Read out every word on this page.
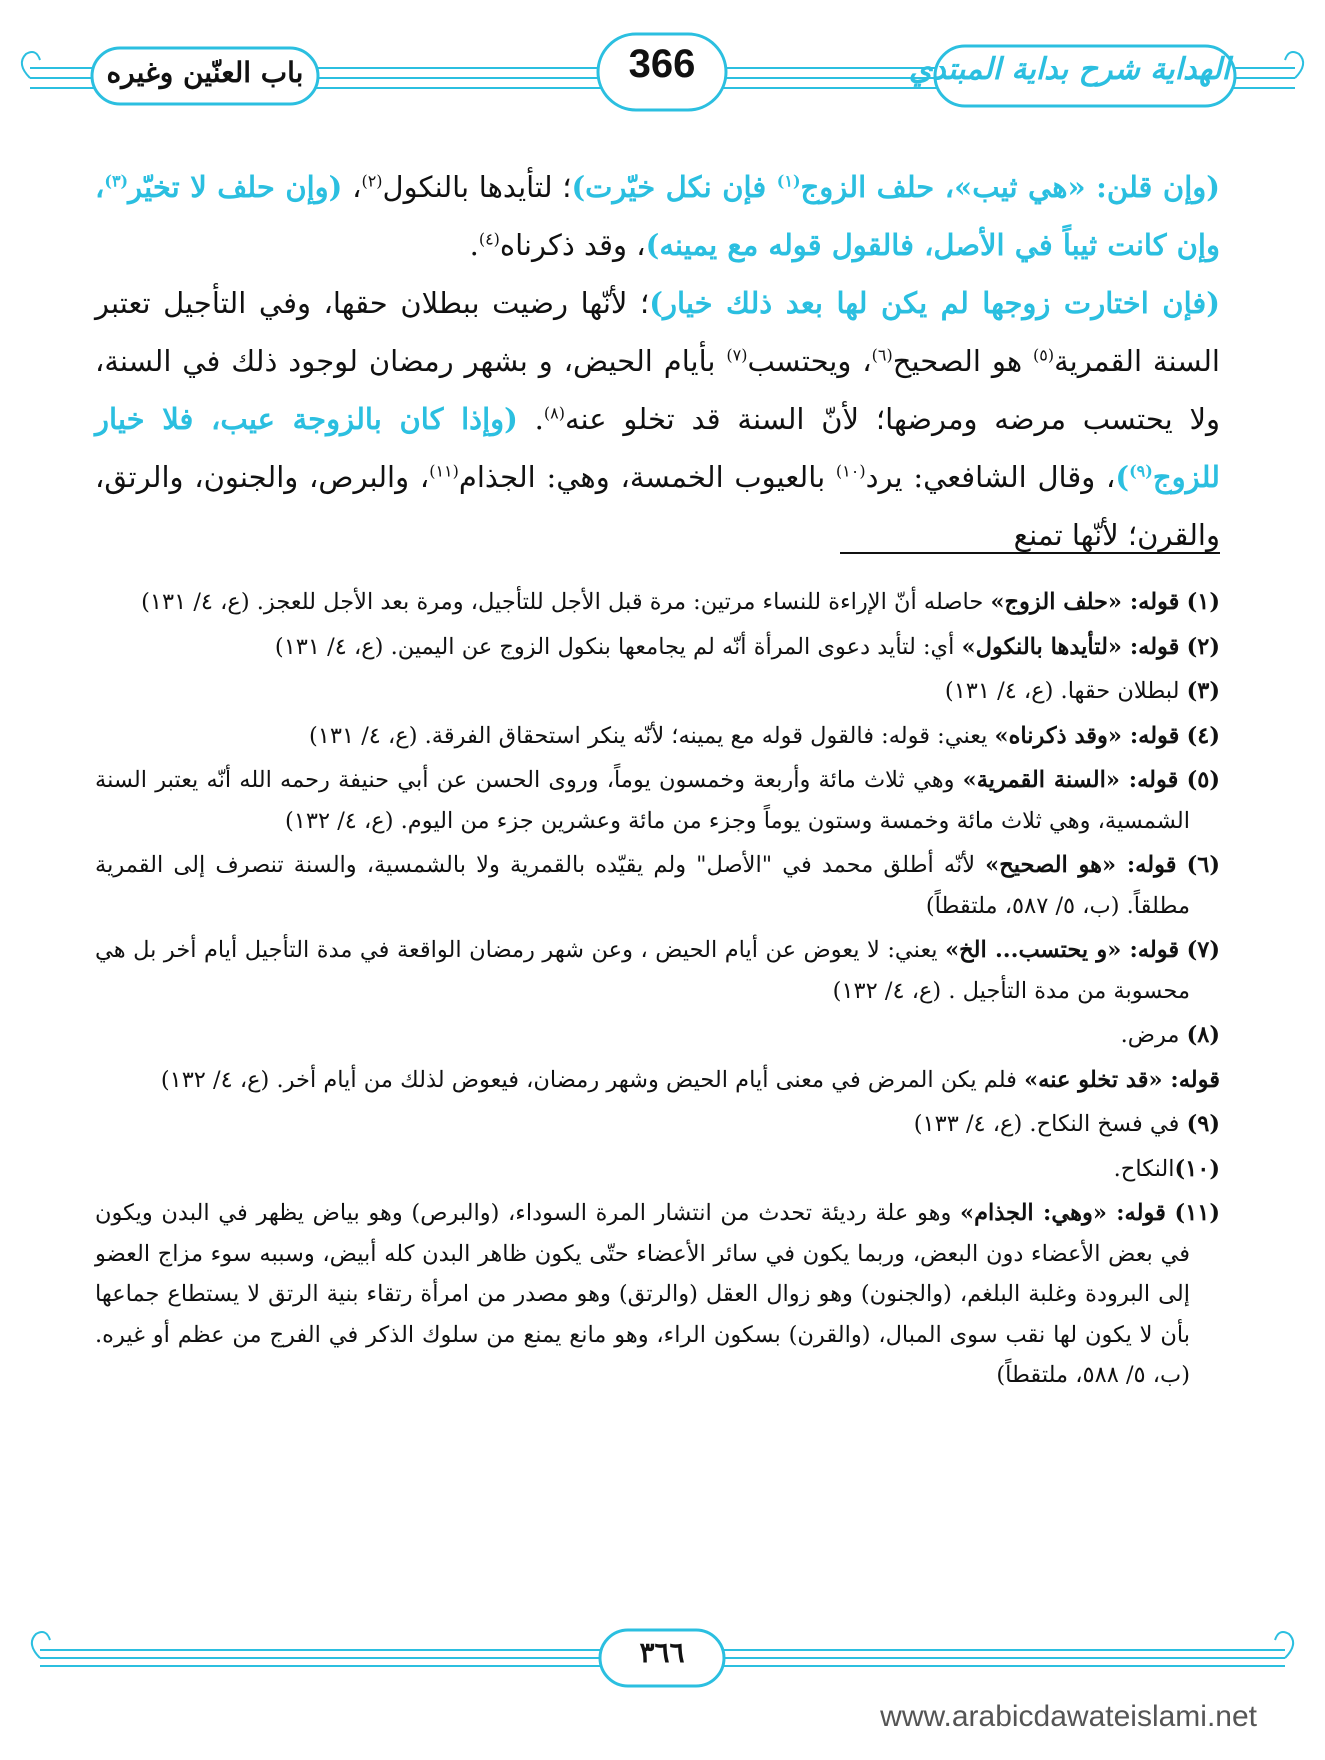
باب العنّين وغيره	366	الهداية شرح بداية المبتدي

(وإن قلن: «هي ثيب»، حلف الزوج$^{(١)}$ فإن نكل خيّرت)؛ لتأيدها بالنكول$^{(٢)}$، (وإن حلف لا تخيّر$^{(٣)}$، وإن كانت ثيباً في الأصل، فالقول قوله مع يمينه)، وقد ذكرناه$^{(٤)}$.

(فإن اختارت زوجها لم يكن لها بعد ذلك خيار)؛ لأنّها رضيت ببطلان حقها، وفي التأجيل تعتبر السنة القمرية$^{(٥)}$ هو الصحيح$^{(٦)}$، ويحتسب$^{(٧)}$ بأيام الحيض، و بشهر رمضان لوجود ذلك في السنة، ولا يحتسب مرضه ومرضها؛ لأنّ السنة قد تخلو عنه$^{(٨)}$. (وإذا كان بالزوجة عيب، فلا خيار للزوج$^{(٩)}$)، وقال الشافعي: يرد$^{(١٠)}$ بالعيوب الخمسة، وهي: الجذام$^{(١١)}$، والبرص، والجنون، والرتق، والقرن؛ لأنّها تمنع

(١) قوله: «حلف الزوج» حاصله أنّ الإراءة للنساء مرتين: مرة قبل الأجل للتأجيل، ومرة بعد الأجل للعجز. (ع، ٤/ ١٣١)

(٢) قوله: «لتأيدها بالنكول» أي: لتأيد دعوى المرأة أنّه لم يجامعها بنكول الزوج عن اليمين. (ع، ٤/ ١٣١)

(٣) لبطلان حقها. (ع، ٤/ ١٣١)

(٤) قوله: «وقد ذكرناه» يعني: قوله: فالقول قوله مع يمينه؛ لأنّه ينكر استحقاق الفرقة. (ع، ٤/ ١٣١)

(٥) قوله: «السنة القمرية» وهي ثلاث مائة وأربعة وخمسون يوماً، وروى الحسن عن أبي حنيفة رحمه الله أنّه يعتبر السنة الشمسية، وهي ثلاث مائة وخمسة وستون يوماً وجزء من مائة وعشرين جزء من اليوم. (ع، ٤/ ١٣٢)

(٦) قوله: «هو الصحيح» لأنّه أطلق محمد في "الأصل" ولم يقيّده بالقمرية ولا بالشمسية، والسنة تنصرف إلى القمرية مطلقاً. (ب، ٥/ ٥٨٧، ملتقطاً)

(٧) قوله: «و يحتسب... الخ» يعني: لا يعوض عن أيام الحيض ، وعن شهر رمضان الواقعة في مدة التأجيل أيام أخر بل هي محسوبة من مدة التأجيل . (ع، ٤/ ١٣٢)

(٨) مرض.

قوله: «قد تخلو عنه» فلم يكن المرض في معنى أيام الحيض وشهر رمضان، فيعوض لذلك من أيام أخر. (ع، ٤/ ١٣٢)

(٩) في فسخ النكاح. (ع، ٤/ ١٣٣)

(١٠)النكاح.

(١١) قوله: «وهي: الجذام» وهو علة رديئة تحدث من انتشار المرة السوداء، (والبرص) وهو بياض يظهر في البدن ويكون في بعض الأعضاء دون البعض، وربما يكون في سائر الأعضاء حتّى يكون ظاهر البدن كله أبيض، وسببه سوء مزاج العضو إلى البرودة وغلبة البلغم، (والجنون) وهو زوال العقل (والرتق) وهو مصدر من امرأة رتقاء بنية الرتق لا يستطاع جماعها بأن لا يكون لها نقب سوى المبال، (والقرن) بسكون الراء، وهو مانع يمنع من سلوك الذكر في الفرج من عظم أو غيره. (ب، ٥/ ٥٨٨، ملتقطاً)

٣٦٦
www.arabicdawateislami.net
